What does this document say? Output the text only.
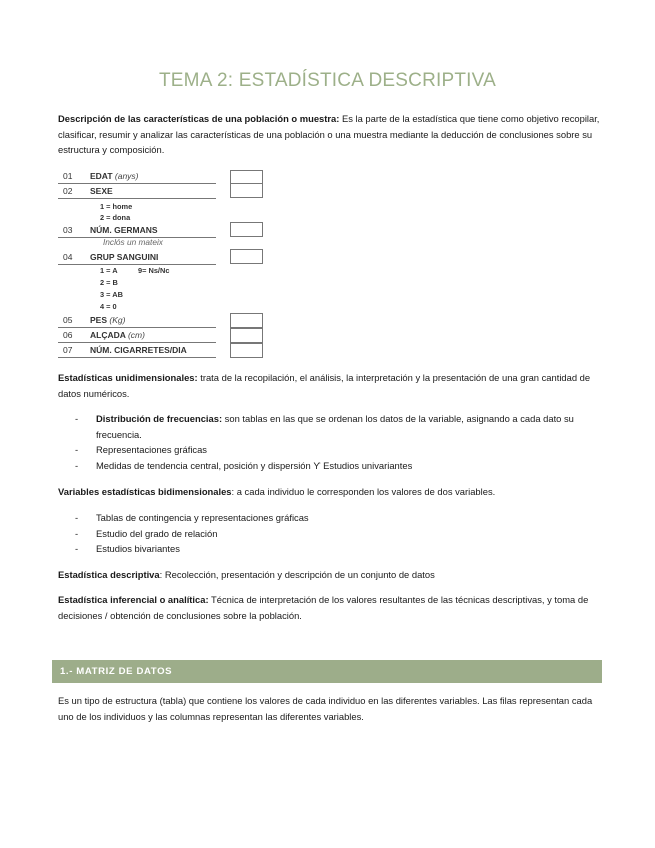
TEMA 2: ESTADÍSTICA DESCRIPTIVA
Descripción de las características de una población o muestra: Es la parte de la estadística que tiene como objetivo recopilar, clasificar, resumir y analizar las características de una población o una muestra mediante la deducción de conclusiones sobre su estructura y composición.
01 EDAT (anys)
02 SEXE
1 = home
2 = dona
03 NÚM. GERMANS
Inclós un mateix
04 GRUP SANGUINI
1 = A	9= Ns/Nc
2 = B
3 = AB
4 = 0
05 PES (Kg)
06 ALÇADA (cm)
07 NÚM. CIGARRETES/DIA
Estadísticas unidimensionales: trata de la recopilación, el análisis, la interpretación y la presentación de una gran cantidad de datos numéricos.
- Distribución de frecuencias: son tablas en las que se ordenan los datos de la variable, asignando a cada dato su frecuencia.
- Representaciones gráficas
- Medidas de tendencia central, posición y dispersión ϒ Estudios univariantes
Variables estadísticas bidimensionales: a cada individuo le corresponden los valores de dos variables.
- Tablas de contingencia y representaciones gráficas
- Estudio del grado de relación
- Estudios bivariantes
Estadística descriptiva: Recolección, presentación y descripción de un conjunto de datos
Estadística inferencial o analítica: Técnica de interpretación de los valores resultantes de las técnicas descriptivas, y toma de decisiones / obtención de conclusiones sobre la población.
1.- MATRIZ DE DATOS
Es un tipo de estructura (tabla) que contiene los valores de cada individuo en las diferentes variables. Las filas representan cada uno de los individuos y las columnas representan las diferentes variables.
